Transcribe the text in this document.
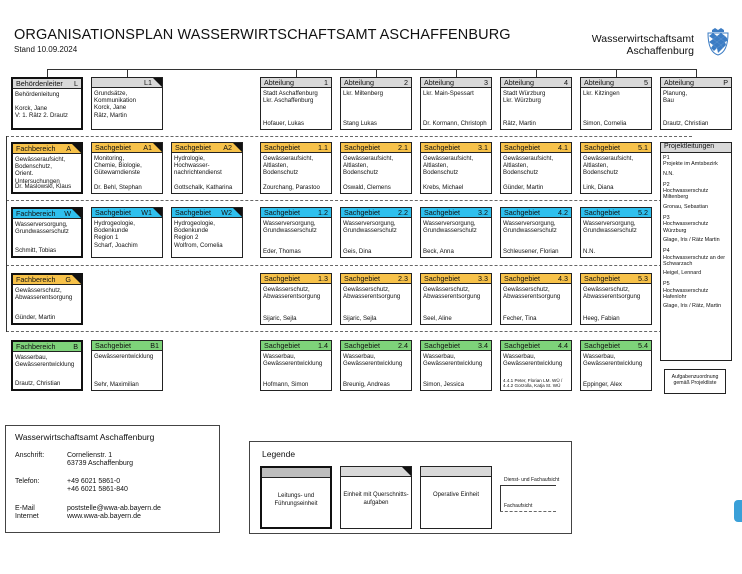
ORGANISATIONSPLAN WASSERWIRTSCHAFTSAMT ASCHAFFENBURG
Stand 10.09.2024
Wasserwirtschaftsamt
Aschaffenburg
Behördenleiter L
Behördenleitung
Korck, Jane
V: 1. Rätz 2. Drautz
L1
Grundsätze,
Kommunikation
Korck, Jane
Rätz, Martin
Abteilung	1
Stadt Aschaffenburg
Lkr. Aschaffenburg
Hofauer, Lukas
Abteilung	2
Lkr. Miltenberg
Stang Lukas
Abteilung	3
Lkr. Main-Spessart
Dr. Kormann, Christoph
Abteilung	4
Stadt Würzburg
Lkr. Würzburg
Rätz, Martin
Abteilung	5
Lkr. Kitzingen
Simon, Cornelia
Abteilung	P
Planung,
Bau
Drautz, Christian
Fachbereich A
Gewässeraufsicht,
Bodenschutz,
Orient. Untersuchungen
Dr. Maslowski, Klaus
Sachgebiet A1
Monitoring,
Chemie, Biologie,
Gütewarndienste
Dr. Behl, Stephan
Sachgebiet A2
Hydrologie,
Hochwasser-
nachrichtendienst
Gottschalk, Katharina
Sachgebiet	1.1
Gewässeraufsicht,
Altlasten,
Bodenschutz
Zourchang, Parastoo
Sachgebiet	2.1
Gewässeraufsicht,
Altlasten,
Bodenschutz
Oswald, Clemens
Sachgebiet	3.1
Gewässeraufsicht,
Altlasten,
Bodenschutz
Krebs, Michael
Sachgebiet	4.1
Gewässeraufsicht,
Altlasten,
Bodenschutz
Günder, Martin
Sachgebiet	5.1
Gewässeraufsicht,
Altlasten,
Bodenschutz
Link, Diana
Fachbereich W
Wasserversorgung,
Grundwasserschutz
Schmitt, Tobias
Sachgebiet W1
Hydrogeologie,
Bodenkunde
Region 1
Scharf, Joachim
Sachgebiet W2
Hydrogeologie,
Bodenkunde
Region 2
Wolfrom, Cornelia
Sachgebiet	1.2
Wasserversorgung,
Grundwasserschutz
Eder, Thomas
Sachgebiet	2.2
Wasserversorgung,
Grundwasserschutz
Geis, Dina
Sachgebiet	3.2
Wasserversorgung,
Grundwasserschutz
Beck, Anna
Sachgebiet	4.2
Wasserversorgung,
Grundwasserschutz
Schleusener, Florian
Sachgebiet	5.2
Wasserversorgung,
Grundwasserschutz
N.N.
Fachbereich G
Gewässerschutz,
Abwasserentsorgung
Günder, Martin
Sachgebiet	1.3
Gewässerschutz,
Abwasserentsorgung
Sijaric, Sejla
Sachgebiet	2.3
Gewässerschutz,
Abwasserentsorgung
Sijaric, Sejla
Sachgebiet	3.3
Gewässerschutz,
Abwasserentsorgung
Seel, Aline
Sachgebiet	4.3
Gewässerschutz,
Abwasserentsorgung
Fecher, Tina
Sachgebiet	5.3
Gewässerschutz,
Abwasserentsorgung
Heeg, Fabian
Fachbereich B
Wasserbau,
Gewässerentwicklung
Drautz, Christian
Sachgebiet	B1
Gewässerentwicklung
Sehr, Maximilian
Sachgebiet	1.4
Wasserbau,
Gewässerentwicklung
Hofmann, Simon
Sachgebiet	2.4
Wasserbau,
Gewässerentwicklung
Breunig, Andreas
Sachgebiet	3.4
Wasserbau,
Gewässerentwicklung
Simon, Jessica
Sachgebiet	4.4
Wasserbau,
Gewässerentwicklung
4.4.1 Peter, Florian LM. WÜ / 4.4.2 Gorzolla, Katja St. WÜ
Sachgebiet	5.4
Wasserbau,
Gewässerentwicklung
Eppinger, Alex
Projektleitungen
P1
Projekte im Amtsbezirk
N.N.
P2
Hochwasserschutz Miltenberg
Gronau, Sebastian
P3
Hochwasserschutz Würzburg
Glage, Iris / Rätz Martin
P4
Hochwasserschutz an der Schwarzach
Heigel, Lennard
P5
Hochwasserschutz Hafenlohr
Glage, Iris / Rätz, Martin
Aufgabenzuordnung gemäß Projektliste
Wasserwirtschaftsamt Aschaffenburg
Anschrift:	Cornelienstr. 1
63739 Aschaffenburg
Telefon:	+49 6021 5861-0
+46 6021 5861-840
E-Mail	poststelle@wwa-ab.bayern.de
Internet	www.wwa-ab.bayern.de
Legende
Leitungs- und Führungseinheit
Einheit mit Querschnitts-aufgaben
Operative Einheit
Dienst- und Fachaufsicht
Fachaufsicht
